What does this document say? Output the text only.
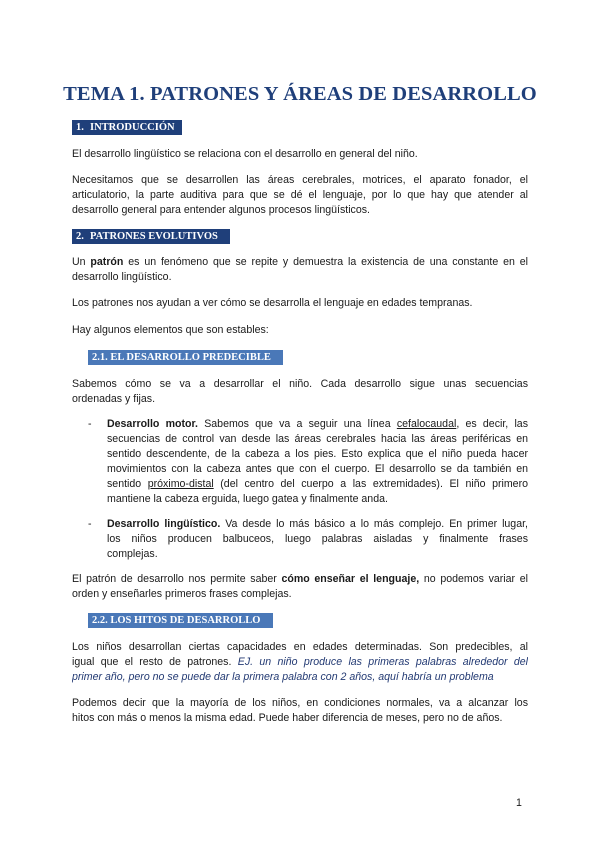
TEMA 1. PATRONES Y ÁREAS DE DESARROLLO
1. INTRODUCCIÓN
El desarrollo lingüístico se relaciona con el desarrollo en general del niño.
Necesitamos que se desarrollen las áreas cerebrales, motrices, el aparato fonador, el
articulatorio, la parte auditiva para que se dé el lenguaje, por lo que hay que atender al
desarrollo general para entender algunos procesos lingüísticos.
2. PATRONES EVOLUTIVOS
Un patrón es un fenómeno que se repite y demuestra la existencia de una constante en el
desarrollo lingüístico.
Los patrones nos ayudan a ver cómo se desarrolla el lenguaje en edades tempranas.
Hay algunos elementos que son estables:
2.1. EL DESARROLLO PREDECIBLE
Sabemos cómo se va a desarrollar el niño. Cada desarrollo sigue unas secuencias
ordenadas y fijas.
- Desarrollo motor. Sabemos que va a seguir una línea cefalocaudal, es decir, las
secuencias de control van desde las áreas cerebrales hacia las áreas periféricas en
sentido descendente, de la cabeza a los pies. Esto explica que el niño pueda hacer
movimientos con la cabeza antes que con el cuerpo. El desarrollo se da también en
sentido próximo-distal (del centro del cuerpo a las extremidades). El niño primero
mantiene la cabeza erguida, luego gatea y finalmente anda.
- Desarrollo lingüístico. Va desde lo más básico a lo más complejo. En primer lugar,
los niños producen balbuceos, luego palabras aisladas y finalmente frases
complejas.
El patrón de desarrollo nos permite saber cómo enseñar el lenguaje, no podemos variar el
orden y enseñarles primeros frases complejas.
2.2. LOS HITOS DE DESARROLLO
Los niños desarrollan ciertas capacidades en edades determinadas. Son predecibles, al
igual que el resto de patrones. EJ. un niño produce las primeras palabras alrededor del
primer año, pero no se puede dar la primera palabra con 2 años, aquí habría un problema
Podemos decir que la mayoría de los niños, en condiciones normales, va a alcanzar los
hitos con más o menos la misma edad. Puede haber diferencia de meses, pero no de años.
1
